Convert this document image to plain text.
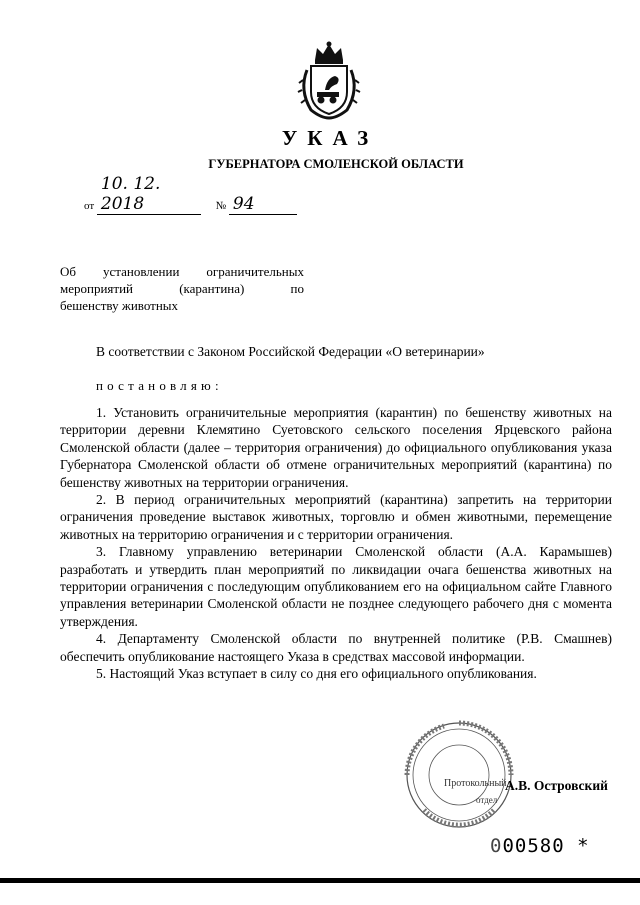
УКАЗ
ГУБЕРНАТОРА СМОЛЕНСКОЙ ОБЛАСТИ
от 10. 12. 2018	№ 94
Об установлении ограничительных
мероприятий	(карантина)	по
бешенству животных
В соответствии с Законом Российской Федерации «О ветеринарии»
постановляю:

1. Установить ограничительные мероприятия (карантин) по бешенству животных на территории деревни Клемятино Суетовского сельского поселения Ярцевского района Смоленской области (далее – территория ограничения) до официального опубликования указа Губернатора Смоленской области об отмене ограничительных мероприятий (карантина) по бешенству животных на территории ограничения.

2. В период ограничительных мероприятий (карантина) запретить на территории ограничения проведение выставок животных, торговлю и обмен животными, перемещение животных на территорию ограничения и с территории ограничения.

3. Главному управлению ветеринарии Смоленской области (А.А. Карамышев) разработать и утвердить план мероприятий по ликвидации очага бешенства животных на территории ограничения с последующим опубликованием его на официальном сайте Главного управления ветеринарии Смоленской области не позднее следующего рабочего дня с момента утверждения.

4. Департаменту Смоленской области по внутренней политике (Р.В. Смашнев) обеспечить опубликование настоящего Указа в средствах массовой информации.

5. Настоящий Указ вступает в силу со дня его официального опубликования.

Протокольный
отдел
А.В. Островский
000580 *
